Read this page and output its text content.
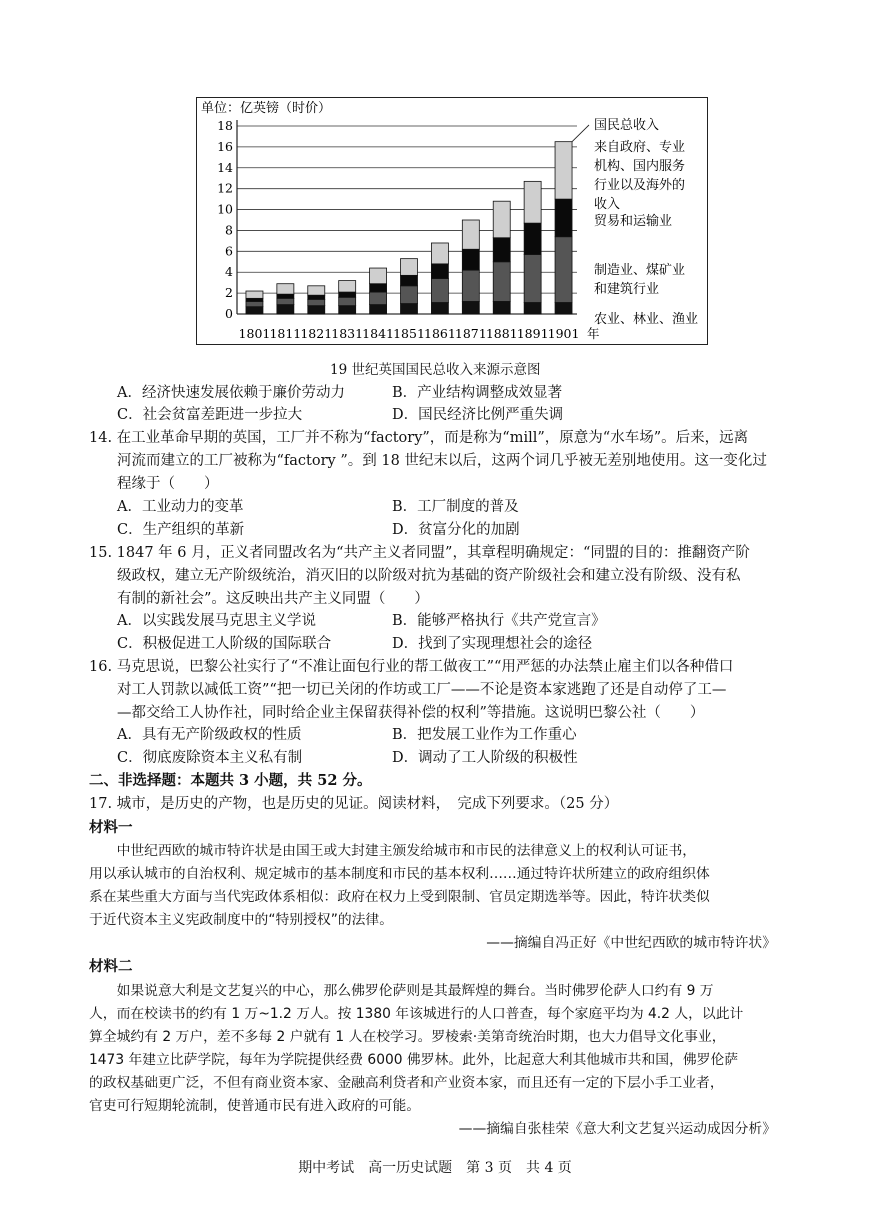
0
2
4
6
8
10
12
14
16
18
1801 1811 1821 1831 1841 1851 1861 1871 1881 1891 1901 年
国民总收入
来自政府、专业
机构、国内服务
行业以及海外的
收入
贸易和运输业
制造业、煤矿业
和建筑行业
农业、林业、渔业
单位：亿英镑（时价）
19 世纪英国国民总收入来源示意图
A．经济快速发展依赖于廉价劳动力	B．产业结构调整成效显著
C．社会贫富差距进一步拉大	D．国民经济比例严重失调
14. 在工业革命早期的英国，工厂并不称为“factory”，而是称为“mill”，原意为“水车场”。后来，远离
河流而建立的工厂被称为“factory ”。到 18 世纪末以后，这两个词几乎被无差别地使用。这一变化过
程缘于（　　）
A．工业动力的变革	B．工厂制度的普及
C．生产组织的革新	D．贫富分化的加剧
15. 1847 年 6 月，正义者同盟改名为“共产主义者同盟”，其章程明确规定：“同盟的目的：推翻资产阶
级政权，建立无产阶级统治，消灭旧的以阶级对抗为基础的资产阶级社会和建立没有阶级、没有私
有制的新社会”。这反映出共产主义同盟（　　）
A．以实践发展马克思主义学说	B．能够严格执行《共产党宣言》
C．积极促进工人阶级的国际联合	D．找到了实现理想社会的途径
16. 马克思说，巴黎公社实行了“不准让面包行业的帮工做夜工”“用严惩的办法禁止雇主们以各种借口
对工人罚款以减低工资”“把一切已关闭的作坊或工厂——不论是资本家逃跑了还是自动停了工—
—都交给工人协作社，同时给企业主保留获得补偿的权利”等措施。这说明巴黎公社（　　）
A．具有无产阶级政权的性质	B．把发展工业作为工作重心
C．彻底废除资本主义私有制	D．调动了工人阶级的积极性
二、非选择题：本题共 3 小题，共 52 分。
17. 城市，是历史的产物，也是历史的见证。阅读材料，　完成下列要求。（25 分）
材料一
　　中世纪西欧的城市特许状是由国王或大封建主颁发给城市和市民的法律意义上的权利认可证书，
用以承认城市的自治权利、规定城市的基本制度和市民的基本权利……通过特许状所建立的政府组织体
系在某些重大方面与当代宪政体系相似：政府在权力上受到限制、官员定期选举等。因此，特许状类似
于近代资本主义宪政制度中的“特别授权”的法律。
——摘编自冯正好《中世纪西欧的城市特许状》
材料二
　　如果说意大利是文艺复兴的中心，那么佛罗伦萨则是其最辉煌的舞台。当时佛罗伦萨人口约有 9 万
人，而在校读书的约有 1 万~1.2 万人。按 1380 年该城进行的人口普查，每个家庭平均为 4.2 人，以此计
算全城约有 2 万户，差不多每 2 户就有 1 人在校学习。罗棱索·美第奇统治时期，也大力倡导文化事业，
1473 年建立比萨学院，每年为学院提供经费 6000 佛罗林。此外，比起意大利其他城市共和国，佛罗伦萨
的政权基础更广泛，不但有商业资本家、金融高利贷者和产业资本家，而且还有一定的下层小手工业者，
官吏可行短期轮流制，使普通市民有进入政府的可能。
——摘编自张桂荣《意大利文艺复兴运动成因分析》
期中考试　高一历史试题　第 3 页　共 4 页
